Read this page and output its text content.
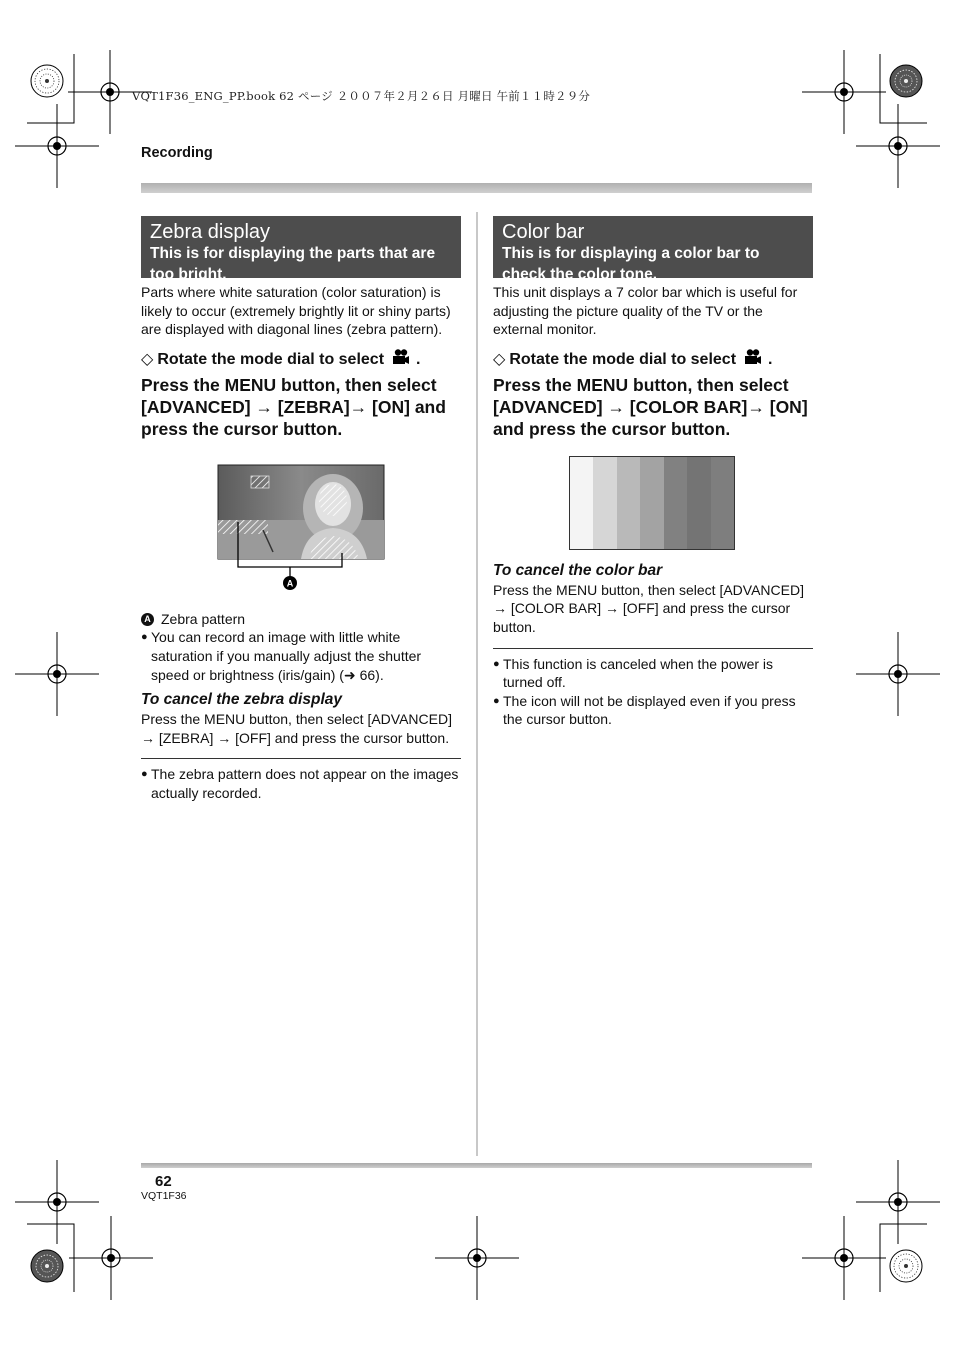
VQT1F36_ENG_PP.book 62 ページ ２００７年２月２６日 月曜日 午前１１時２９分
Recording
Zebra display
This is for displaying the parts that are too bright.

Parts where white saturation (color saturation) is likely to occur (extremely brightly lit or shiny parts) are displayed with diagonal lines (zebra pattern).

◇ Rotate the mode dial to select .

Press the MENU button, then select [ADVANCED] → [ZEBRA]→ [ON] and press the cursor button.

A
A Zebra pattern
● You can record an image with little white saturation if you manually adjust the shutter speed or brightness (iris/gain) (➜ 66).

To cancel the zebra display

Press the MENU button, then select [ADVANCED] → [ZEBRA] → [OFF] and press the cursor button.

● The zebra pattern does not appear on the images actually recorded.
Color bar
This is for displaying a color bar to check the color tone.

This unit displays a 7 color bar which is useful for adjusting the picture quality of the TV or the external monitor.

◇ Rotate the mode dial to select .

Press the MENU button, then select [ADVANCED] → [COLOR BAR]→ [ON] and press the cursor button.

To cancel the color bar

Press the MENU button, then select [ADVANCED] → [COLOR BAR] → [OFF] and press the cursor button.

● This function is canceled when the power is turned off.
● The icon will not be displayed even if you press the cursor button.
62
VQT1F36
